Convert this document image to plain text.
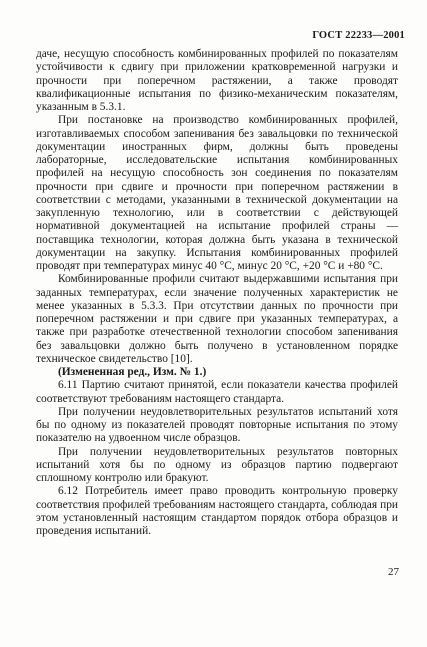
ГОСТ 22233—2001

даче, несущую способность комбинированных профилей по показателям устойчивости к сдвигу при приложении кратковременной нагрузки и прочности при поперечном растяжении, а также проводят квалификационные испытания по физико-механическим показателям, указанным в 5.3.1.

При постановке на производство комбинированных профилей, изготавливаемых способом запенивания без завальцовки по технической документации иностранных фирм, должны быть проведены лабораторные, исследовательские испытания комбинированных профилей на несущую способность зон соединения по показателям прочности при сдвиге и прочности при поперечном растяжении в соответствии с методами, указанными в технической документации на закупленную технологию, или в соответствии с действующей нормативной документацией на испытание профилей страны — поставщика технологии, которая должна быть указана в технической документации на закупку. Испытания комбинированных профилей проводят при температурах минус 40 °С, минус 20 °С, +20 °С и +80 °С.

Комбинированные профили считают выдержавшими испытания при заданных температурах, если значение полученных характеристик не менее указанных в 5.3.3. При отсутствии данных по прочности при поперечном растяжении и при сдвиге при указанных температурах, а также при разработке отечественной технологии способом запенивания без завальцовки должно быть получено в установленном порядке техническое свидетельство [10].

(Измененная ред., Изм. № 1.)

6.11 Партию считают принятой, если показатели качества профилей соответствуют требованиям настоящего стандарта.

При получении неудовлетворительных результатов испытаний хотя бы по одному из показателей проводят повторные испытания по этому показателю на удвоенном числе образцов.

При получении неудовлетворительных результатов повторных испытаний хотя бы по одному из образцов партию подвергают сплошному контролю или бракуют.

6.12 Потребитель имеет право проводить контрольную проверку соответствия профилей требованиям настоящего стандарта, соблюдая при этом установленный настоящим стандартом порядок отбора образцов и проведения испытаний.

27
